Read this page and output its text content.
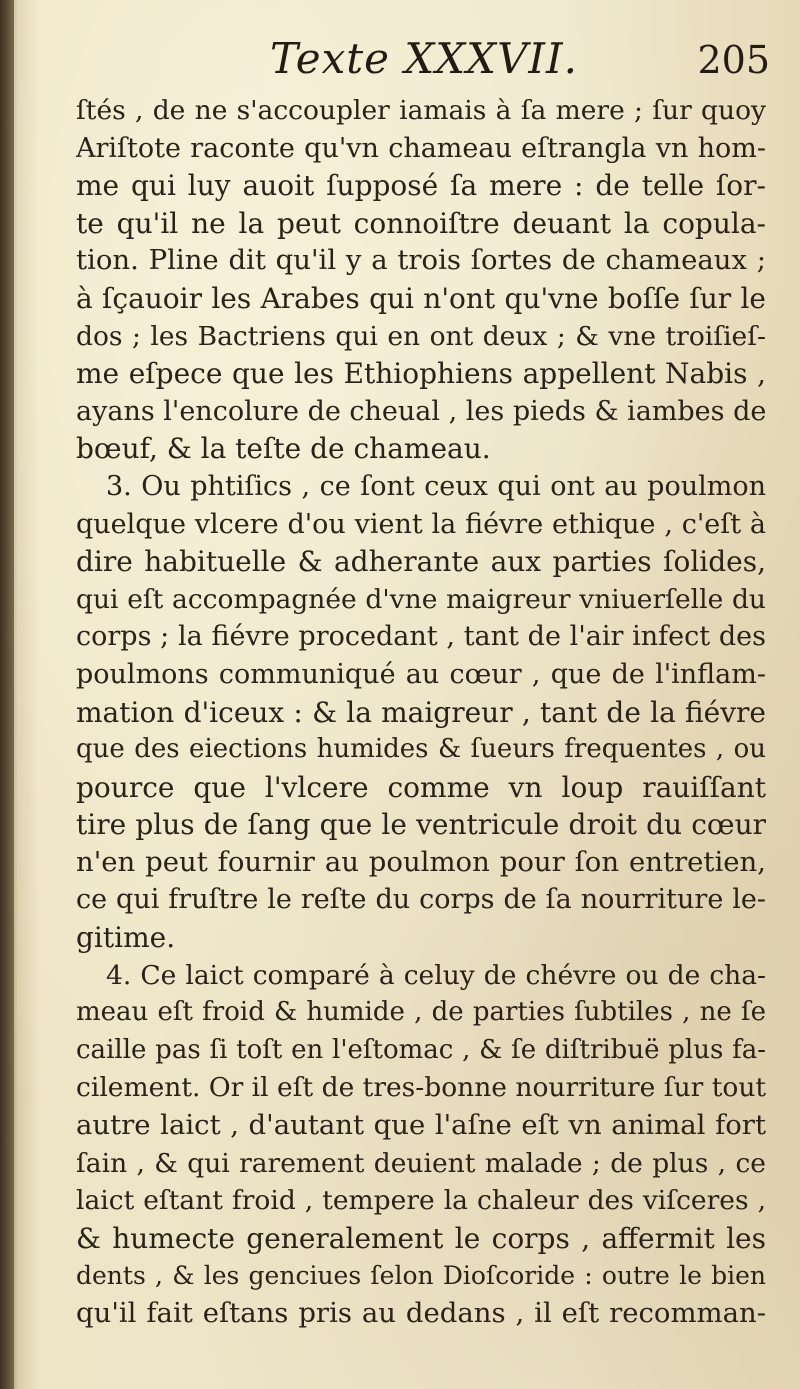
Texte XXXVII.	205
ſtés , de ne s'accoupler iamais à ſa mere ; ſur quoy
Ariſtote raconte qu'vn chameau eſtrangla vn hom-
me qui luy auoit ſupposé ſa mere : de telle ſor-
te qu'il ne la peut connoiſtre deuant la copula-
tion. Pline dit qu'il y a trois ſortes de chameaux ;
à ſçauoir les Arabes qui n'ont qu'vne boſſe ſur le
dos ; les Bactriens qui en ont deux ; & vne troiſieſ-
me eſpece que les Ethiophiens appellent Nabis ,
ayans l'encolure de cheual , les pieds & iambes de
bœuf, & la teſte de chameau.
3. Ou phtiſics , ce ſont ceux qui ont au poulmon
quelque vlcere d'ou vient la fiévre ethique , c'eſt à
dire habituelle & adherante aux parties ſolides,
qui eſt accompagnée d'vne maigreur vniuerſelle du
corps ; la fiévre procedant , tant de l'air infect des
poulmons communiqué au cœur , que de l'inflam-
mation d'iceux : & la maigreur , tant de la fiévre
que des eiections humides & ſueurs frequentes , ou
pource que l'vlcere comme vn loup rauiſſant
tire plus de ſang que le ventricule droit du cœur
n'en peut fournir au poulmon pour ſon entretien,
ce qui fruſtre le reſte du corps de ſa nourriture le-
gitime.
4. Ce laict comparé à celuy de chévre ou de cha-
meau eſt froid & humide , de parties ſubtiles , ne ſe
caille pas ſi toſt en l'eſtomac , & ſe diſtribuë plus fa-
cilement. Or il eſt de tres-bonne nourriture ſur tout
autre laict , d'autant que l'aſne eſt vn animal fort
ſain , & qui rarement deuient malade ; de plus , ce
laict eſtant froid , tempere la chaleur des viſceres ,
& humecte generalement le corps , affermit les
dents , & les genciues ſelon Dioſcoride : outre le bien
qu'il fait eſtans pris au dedans , il eſt recomman-
